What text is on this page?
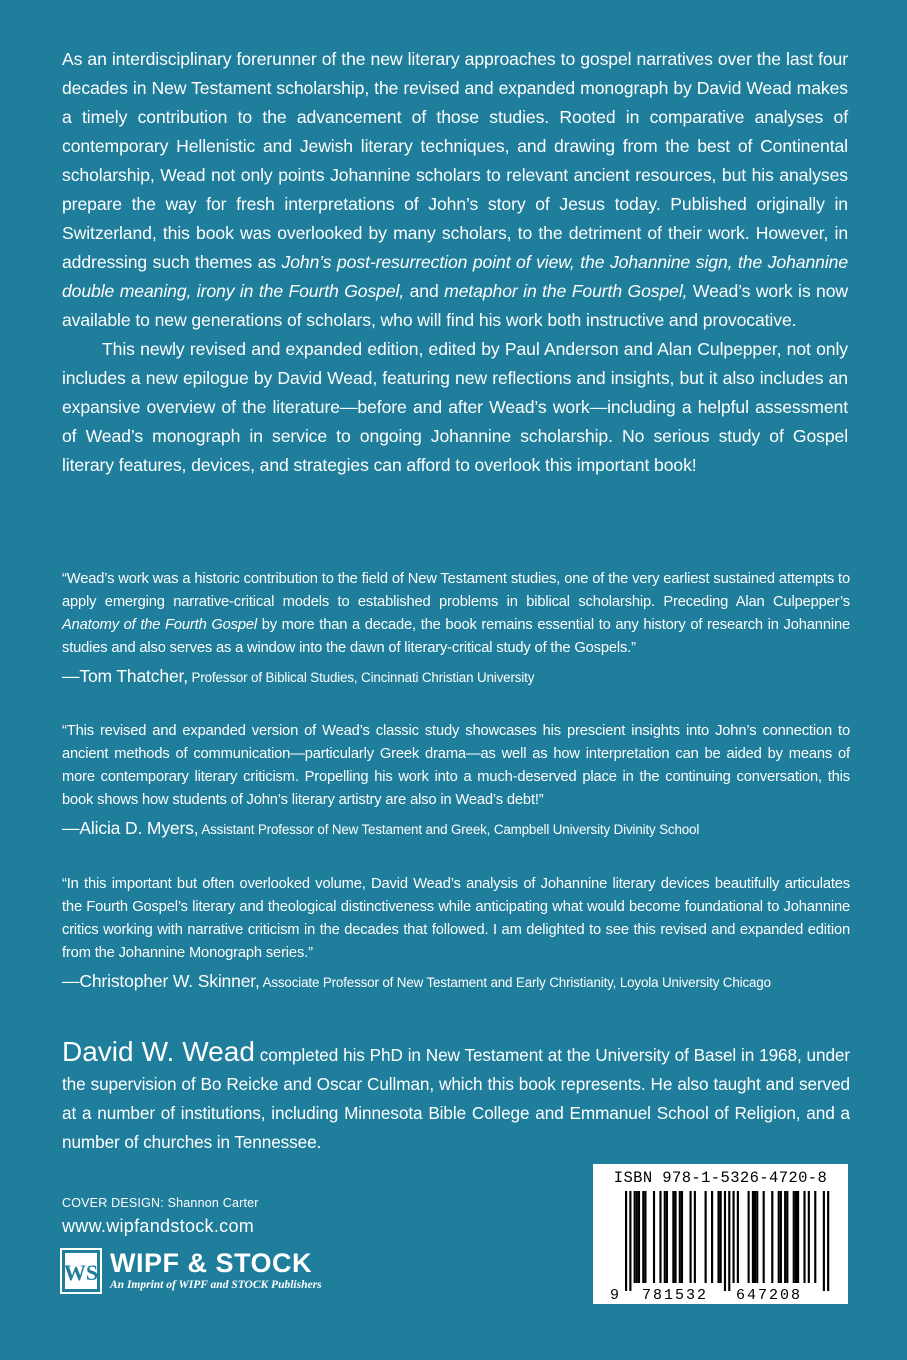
As an interdisciplinary forerunner of the new literary approaches to gospel narratives over the last four decades in New Testament scholarship, the revised and expanded monograph by David Wead makes a timely contribution to the advancement of those studies. Rooted in comparative analyses of contemporary Hellenistic and Jewish literary techniques, and drawing from the best of Continental scholarship, Wead not only points Johannine scholars to relevant ancient resources, but his analyses prepare the way for fresh interpretations of John’s story of Jesus today. Published originally in Switzerland, this book was overlooked by many scholars, to the detriment of their work. However, in addressing such themes as John’s post-resurrection point of view, the Johannine sign, the Johannine double meaning, irony in the Fourth Gospel, and metaphor in the Fourth Gospel, Wead’s work is now available to new generations of scholars, who will find his work both instructive and provocative.

This newly revised and expanded edition, edited by Paul Anderson and Alan Culpepper, not only includes a new epilogue by David Wead, featuring new reflections and insights, but it also includes an expansive overview of the literature—before and after Wead’s work—including a helpful assessment of Wead’s monograph in service to ongoing Johannine scholarship. No serious study of Gospel literary features, devices, and strategies can afford to overlook this important book!

“Wead’s work was a historic contribution to the field of New Testament studies, one of the very earliest sustained attempts to apply emerging narrative-critical models to established problems in biblical scholarship. Preceding Alan Culpepper’s Anatomy of the Fourth Gospel by more than a decade, the book remains essential to any history of research in Johannine studies and also serves as a window into the dawn of literary-critical study of the Gospels.”

—Tom Thatcher, Professor of Biblical Studies, Cincinnati Christian University

“This revised and expanded version of Wead’s classic study showcases his prescient insights into John’s connection to ancient methods of communication—particularly Greek drama—as well as how interpretation can be aided by means of more contemporary literary criticism. Propelling his work into a much-deserved place in the continuing conversation, this book shows how students of John’s literary artistry are also in Wead’s debt!”

—Alicia D. Myers, Assistant Professor of New Testament and Greek, Campbell University Divinity School

“In this important but often overlooked volume, David Wead’s analysis of Johannine literary devices beautifully articulates the Fourth Gospel’s literary and theological distinctiveness while anticipating what would become foundational to Johannine critics working with narrative criticism in the decades that followed. I am delighted to see this revised and expanded edition from the Johannine Monograph series.”

—Christopher W. Skinner, Associate Professor of New Testament and Early Christianity, Loyola University Chicago

David W. Wead completed his PhD in New Testament at the University of Basel in 1968, under the supervision of Bo Reicke and Oscar Cullman, which this book represents. He also taught and served at a number of institutions, including Minnesota Bible College and Emmanuel School of Religion, and a number of churches in Tennessee.

COVER DESIGN: Shannon Carter
www.wipfandstock.com
WS WIPF & STOCK
An Imprint of WIPF and STOCK Publishers
ISBN 978-1-5326-4720-8
9 781532 647208
